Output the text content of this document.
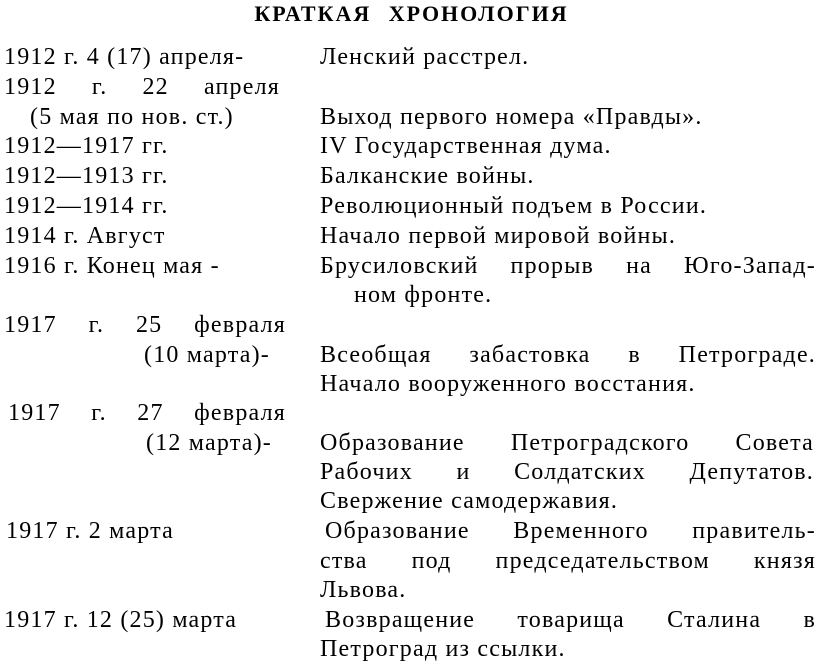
КРАТКАЯ ХРОНОЛОГИЯ
1912 г. 4 (17) апреля-	Ленский расстрел.
1912 г. 22 апреля
(5 мая по нов. ст.)	Выход первого номера «Правды».
1912—1917 гг.	IV Государственная дума.
1912—1913 гг.	Балканские войны.
1912—1914 гг.	Революционный подъем в России.
1914 г. Август	Начало первой мировой войны.
1916 г. Конец мая -	Брусиловский прорыв на Юго-Запад-
ном фронте.
1917 г. 25 февраля
(10 марта)- Всеобщая забастовка в Петрограде.
Начало вооруженного восстания.
1917 г. 27 февраля
(12 марта)- Образование Петроградского Совета
Рабочих и Солдатских Депутатов.
Свержение самодержавия.
1917 г. 2 марта	Образование Временного правитель-
ства под председательством князя
Львова.
1917 г. 12 (25) марта	Возвращение товарища Сталина в
Петроград из ссылки.
